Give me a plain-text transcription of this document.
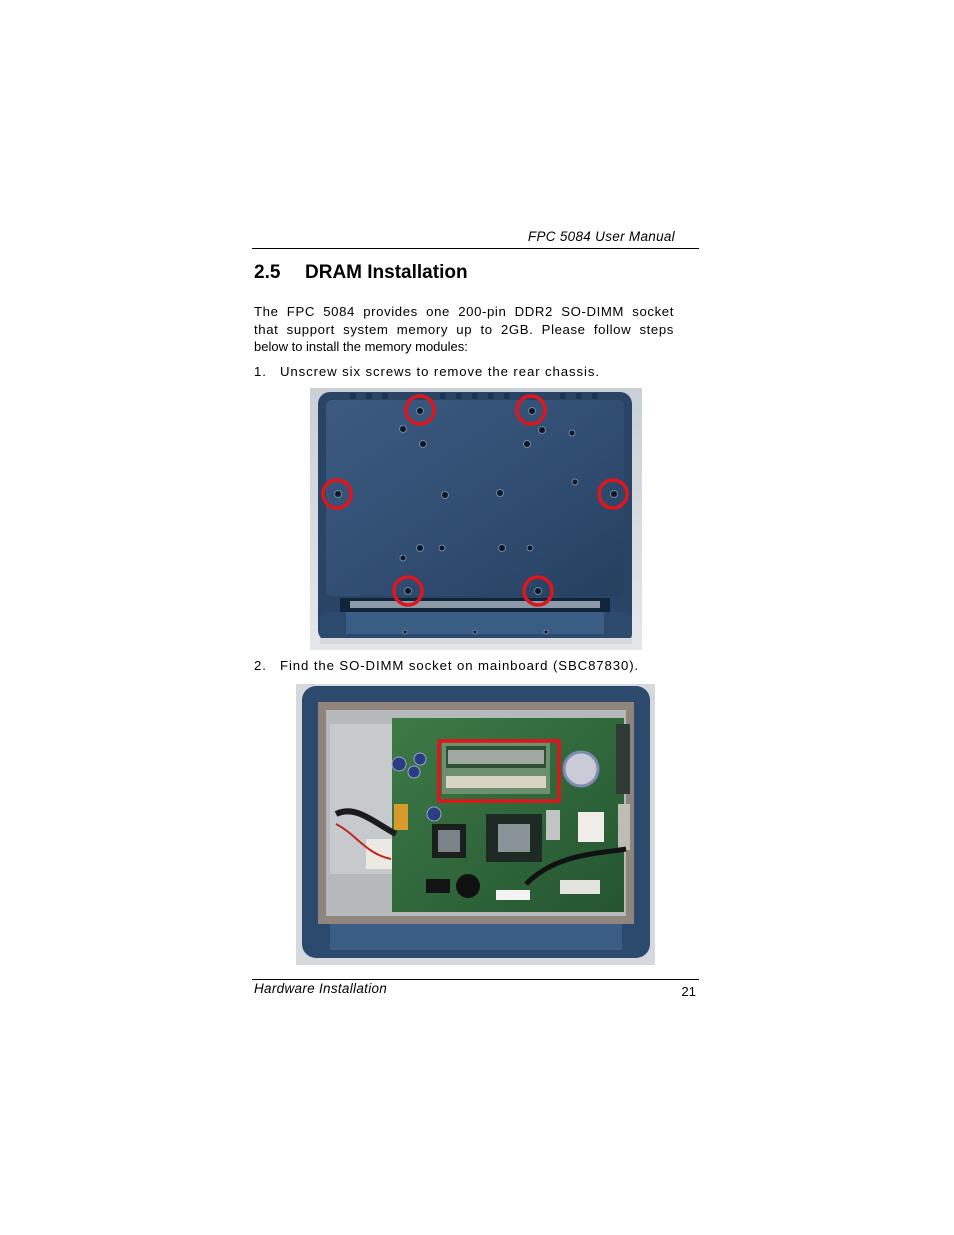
FPC 5084 User Manual
2.5 DRAM Installation
The FPC 5084 provides one 200-pin DDR2 SO-DIMM socket
that support system memory up to 2GB. Please follow steps
below to install the memory modules:
1. Unscrew six screws to remove the rear chassis.
2. Find the SO-DIMM socket on mainboard (SBC87830).
Hardware Installation	21
